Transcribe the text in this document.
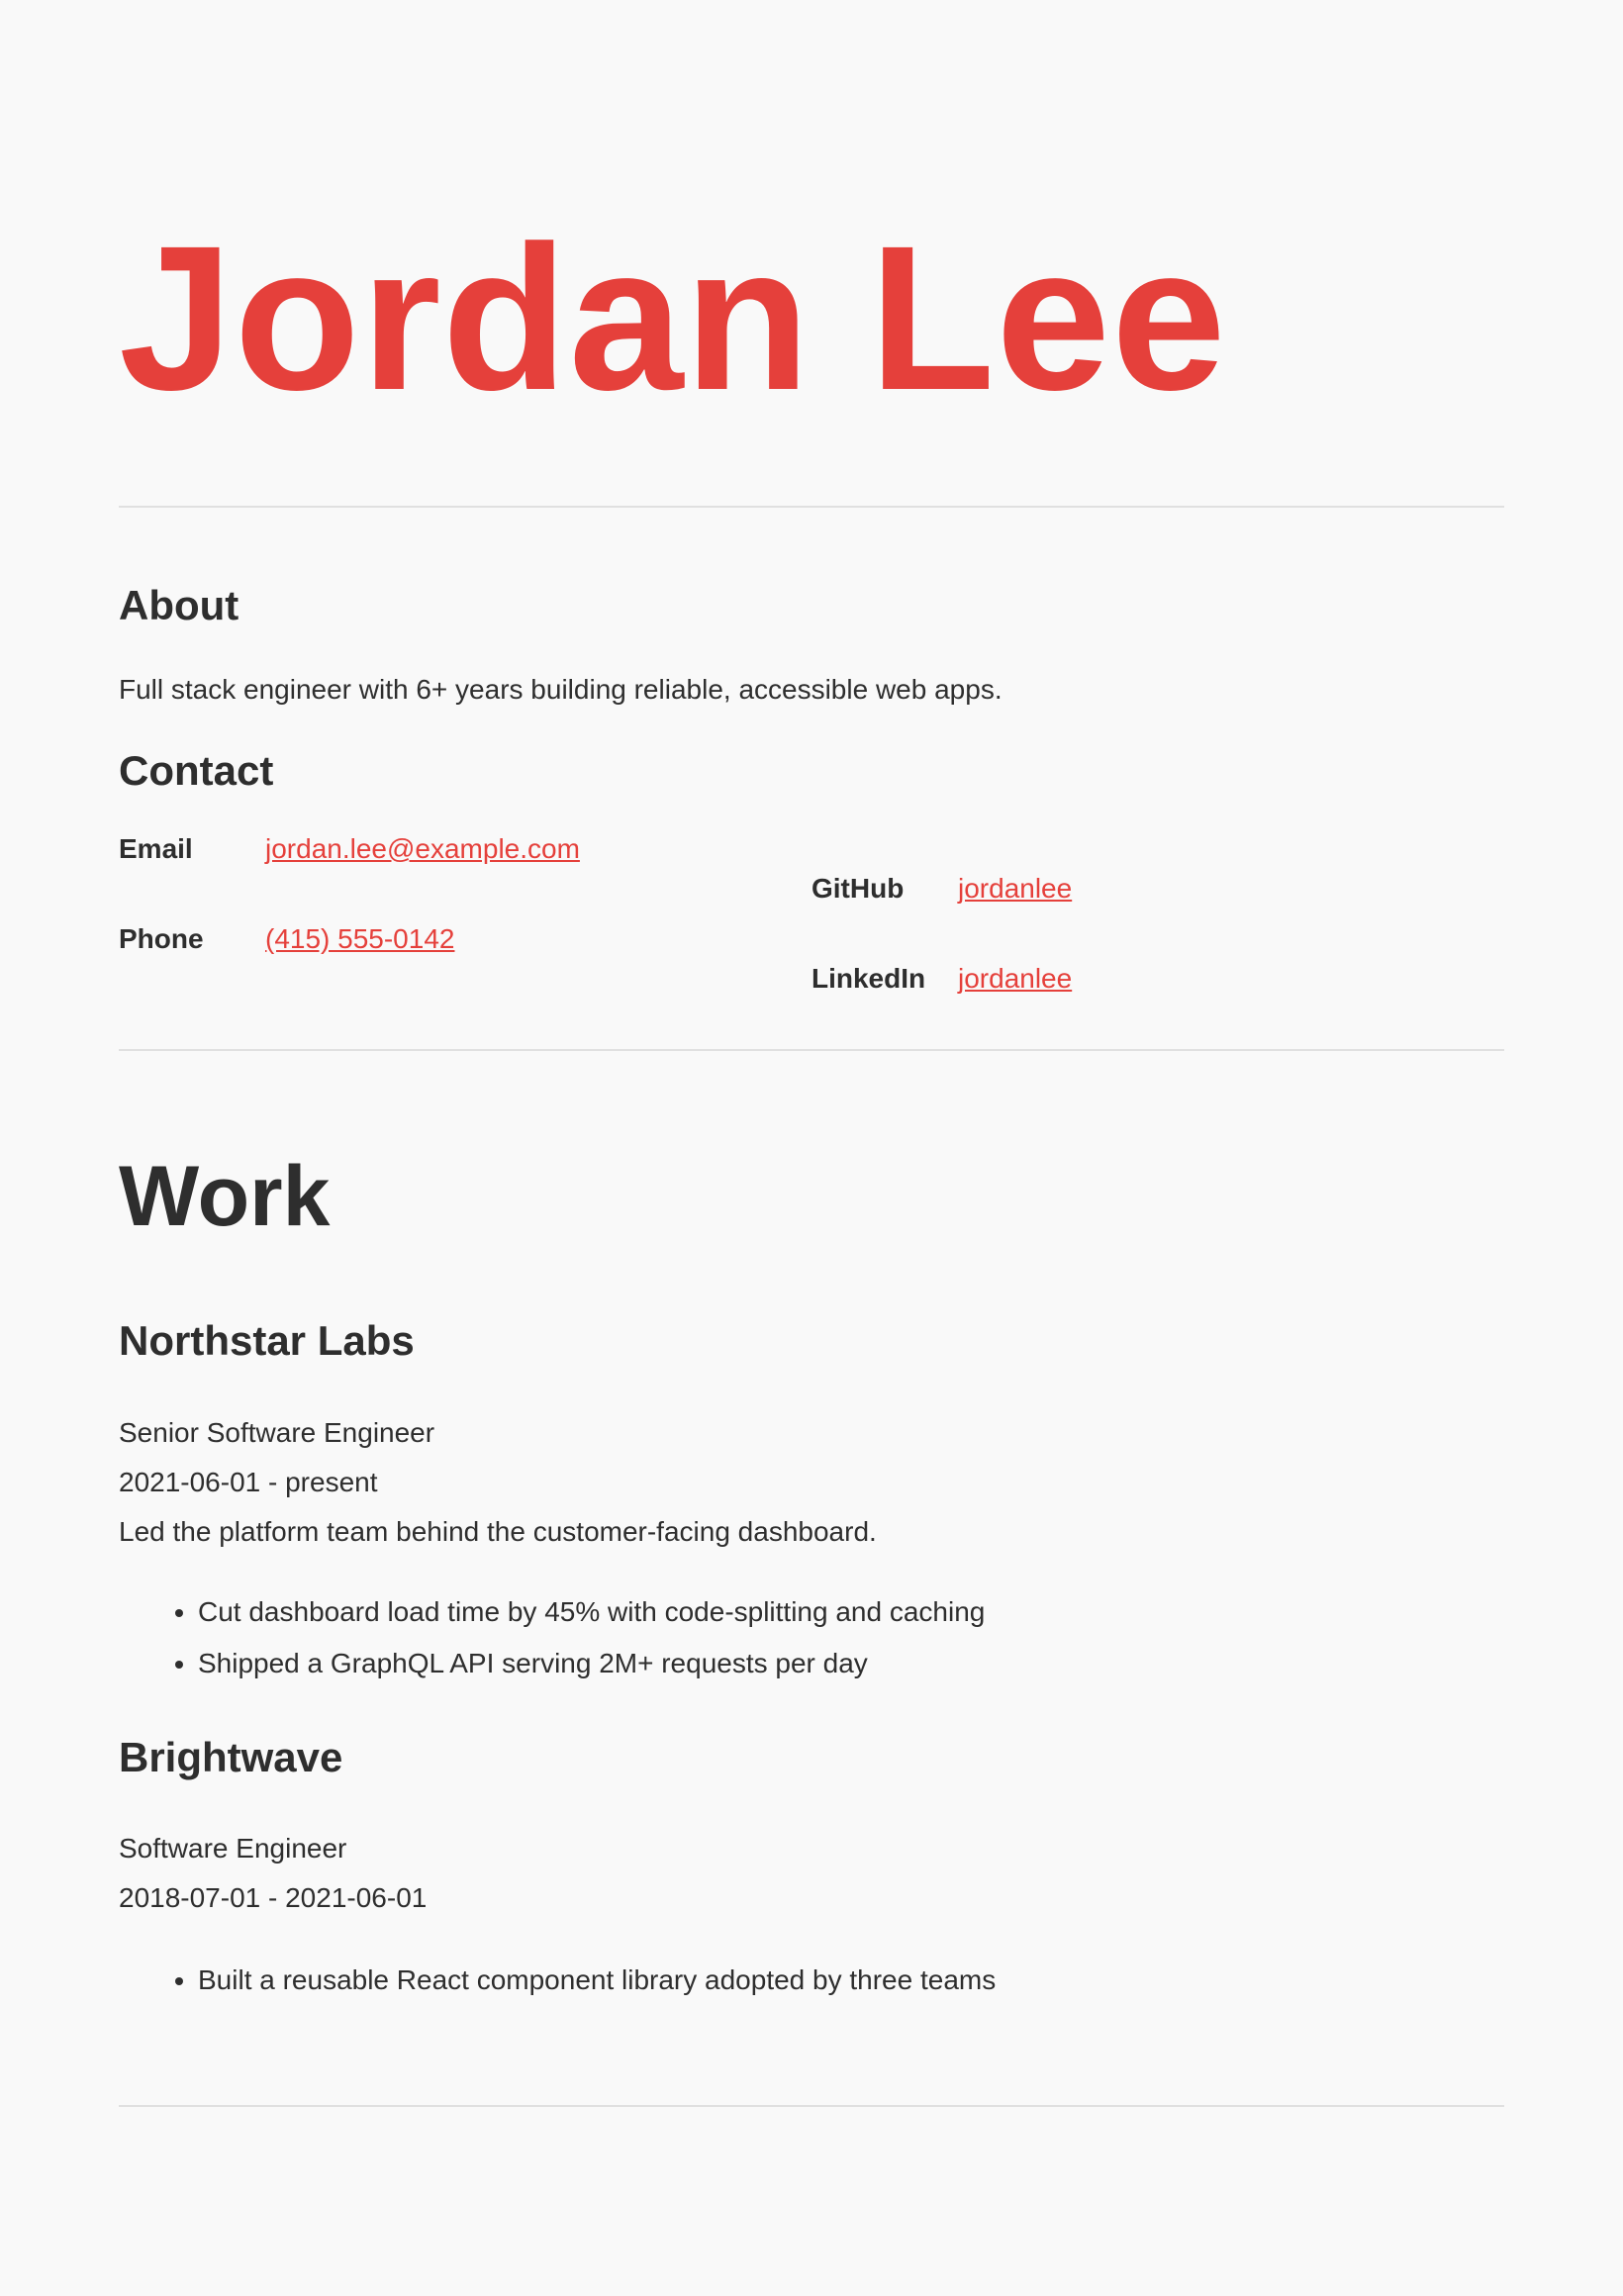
Jordan Lee
About

Full stack engineer with 6+ years building reliable, accessible web apps.

Contact
Email	jordan.lee@example.com
Phone	(415) 555-0142
GitHub	jordanlee
LinkedIn	jordanlee
Work
Northstar Labs
Senior Software Engineer
2021-06-01 - present
Led the platform team behind the customer-facing dashboard.
• Cut dashboard load time by 45% with code-splitting and caching
• Shipped a GraphQL API serving 2M+ requests per day
Brightwave
Software Engineer
2018-07-01 - 2021-06-01
• Built a reusable React component library adopted by three teams
